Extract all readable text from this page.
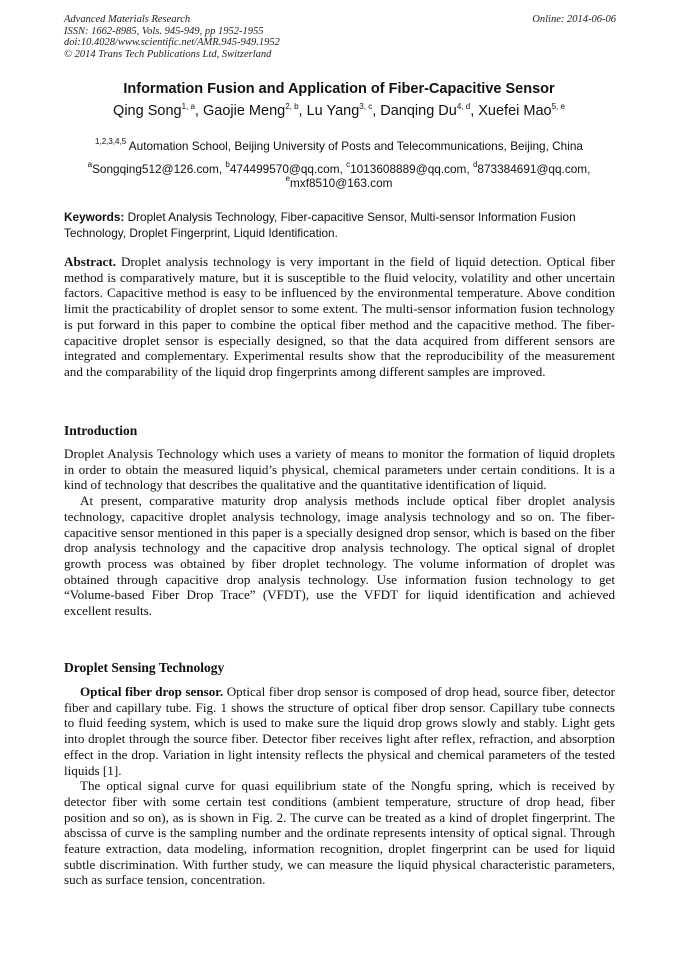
Advanced Materials Research
ISSN: 1662-8985, Vols. 945-949, pp 1952-1955
doi:10.4028/www.scientific.net/AMR.945-949.1952
© 2014 Trans Tech Publications Ltd, Switzerland
Online: 2014-06-06
Information Fusion and Application of Fiber-Capacitive Sensor
Qing Song$^{1, a}$, Gaojie Meng$^{2, b}$, Lu Yang$^{3, c}$, Danqing Du$^{4, d}$, Xuefei Mao$^{5, e}$
$^{1,2,3,4,5}$ Automation School, Beijing University of Posts and Telecommunications, Beijing, China
$^a$Songqing512@126.com, $^b$474499570@qq.com, $^c$1013608889@qq.com, $^d$873384691@qq.com,
$^e$mxf8510@163.com
Keywords: Droplet Analysis Technology, Fiber-capacitive Sensor, Multi-sensor Information Fusion Technology, Droplet Fingerprint, Liquid Identification.

Abstract. Droplet analysis technology is very important in the field of liquid detection. Optical fiber method is comparatively mature, but it is susceptible to the fluid velocity, volatility and other uncertain factors. Capacitive method is easy to be influenced by the environmental temperature. Above condition limit the practicability of droplet sensor to some extent. The multi-sensor information fusion technology is put forward in this paper to combine the optical fiber method and the capacitive method. The fiber-capacitive droplet sensor is especially designed, so that the data acquired from different sensors are integrated and complementary. Experimental results show that the reproducibility of the measurement and the comparability of the liquid drop fingerprints among different samples are improved.

Introduction

Droplet Analysis Technology which uses a variety of means to monitor the formation of liquid droplets in order to obtain the measured liquid’s physical, chemical parameters under certain conditions. It is a kind of technology that describes the qualitative and the quantitative identification of liquid.

At present, comparative maturity drop analysis methods include optical fiber droplet analysis technology, capacitive droplet analysis technology, image analysis technology and so on. The fiber-capacitive sensor mentioned in this paper is a specially designed drop sensor, which is based on the fiber drop analysis technology and the capacitive drop analysis technology. The optical signal of droplet growth process was obtained by fiber droplet technology. The volume information of droplet was obtained through capacitive drop analysis technology. Use information fusion technology to get “Volume-based Fiber Drop Trace” (VFDT), use the VFDT for liquid identification and achieved excellent results.

Droplet Sensing Technology

Optical fiber drop sensor. Optical fiber drop sensor is composed of drop head, source fiber, detector fiber and capillary tube. Fig. 1 shows the structure of optical fiber drop sensor. Capillary tube connects to fluid feeding system, which is used to make sure the liquid drop grows slowly and stably. Light gets into droplet through the source fiber. Detector fiber receives light after reflex, refraction, and absorption effect in the drop. Variation in light intensity reflects the physical and chemical parameters of the tested liquids [1].

The optical signal curve for quasi equilibrium state of the Nongfu spring, which is received by detector fiber with some certain test conditions (ambient temperature, structure of drop head, fiber position and so on), as is shown in Fig. 2. The curve can be treated as a kind of droplet fingerprint. The abscissa of curve is the sampling number and the ordinate represents intensity of optical signal. Through feature extraction, data modeling, information recognition, droplet fingerprint can be used for liquid subtle discrimination. With further study, we can measure the liquid physical characteristic parameters, such as surface tension, concentration.
